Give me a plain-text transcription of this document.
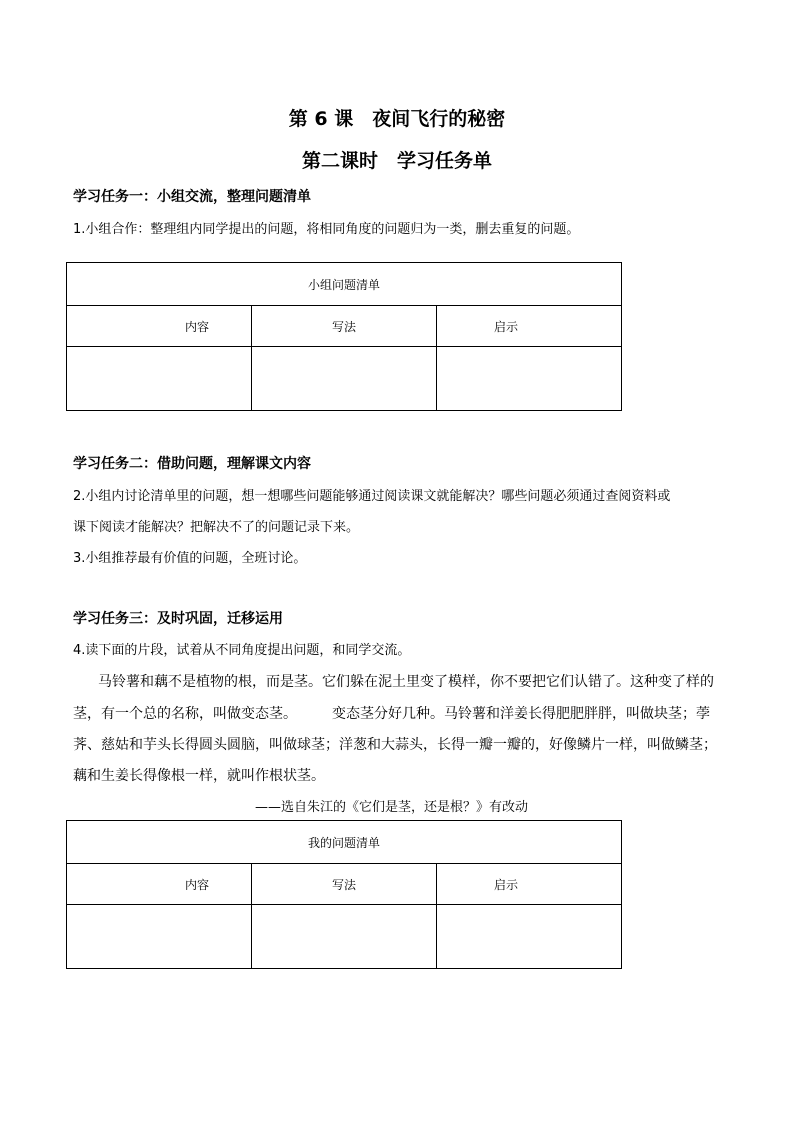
第 6 课　夜间飞行的秘密
第二课时　学习任务单
学习任务一：小组交流，整理问题清单
1.小组合作：整理组内同学提出的问题，将相同角度的问题归为一类，删去重复的问题。
小组问题清单		
内容	写法	启示

学习任务二：借助问题，理解课文内容
2.小组内讨论清单里的问题，想一想哪些问题能够通过阅读课文就能解决？哪些问题必须通过查阅资料或
课下阅读才能解决？把解决不了的问题记录下来。
3.小组推荐最有价值的问题，全班讨论。
学习任务三：及时巩固，迁移运用
4.读下面的片段，试着从不同角度提出问题，和同学交流。
马铃薯和藕不是植物的根，而是茎。它们躲在泥土里变了模样，你不要把它们认错了。这种变了样的
茎，有一个总的名称，叫做变态茎。　　　变态茎分好几种。马铃薯和洋姜长得肥肥胖胖，叫做块茎；荸
荠、慈姑和芋头长得圆头圆脑，叫做球茎；洋葱和大蒜头，长得一瓣一瓣的，好像鳞片一样，叫做鳞茎；
藕和生姜长得像根一样，就叫作根状茎。
——选自朱江的《它们是茎，还是根？》有改动
我的问题清单		
内容	写法	启示
